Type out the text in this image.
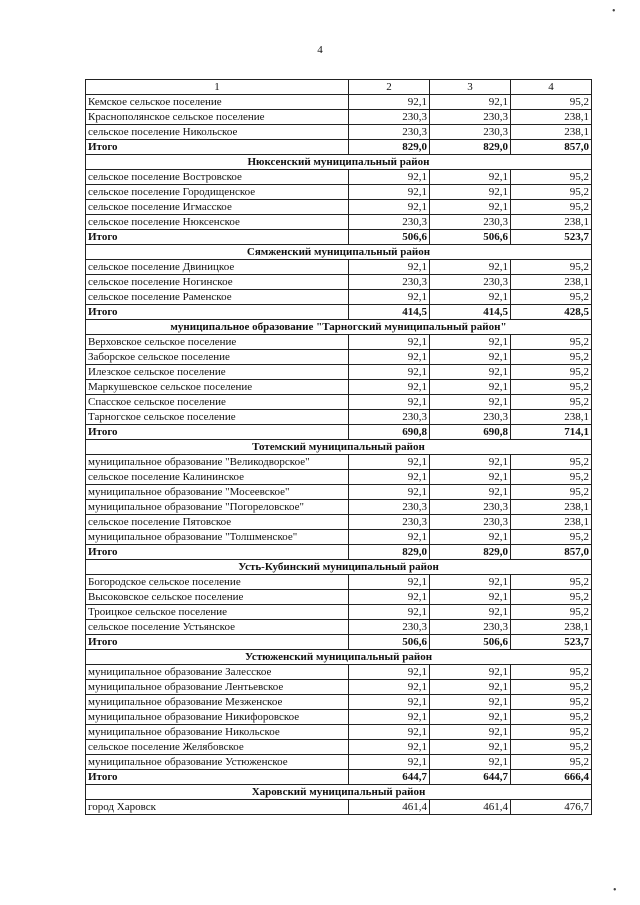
•
4
1	2	3	4
Кемское сельское поселение	92,1	92,1	95,2
Краснополянское сельское поселение	230,3	230,3	238,1
сельское поселение Никольское	230,3	230,3	238,1
Итого	829,0	829,0	857,0
Нюксенский муниципальный район			
сельское поселение Востровское	92,1	92,1	95,2
сельское поселение Городищенское	92,1	92,1	95,2
сельское поселение Игмасское	92,1	92,1	95,2
сельское поселение Нюксенское	230,3	230,3	238,1
Итого	506,6	506,6	523,7
Сямженский муниципальный район			
сельское поселение Двиницкое	92,1	92,1	95,2
сельское поселение Ногинское	230,3	230,3	238,1
сельское поселение Раменское	92,1	92,1	95,2
Итого	414,5	414,5	428,5
муниципальное образование "Тарногский муниципальный район"			
Верховское сельское поселение	92,1	92,1	95,2
Заборское сельское поселение	92,1	92,1	95,2
Илезское сельское поселение	92,1	92,1	95,2
Маркушевское сельское поселение	92,1	92,1	95,2
Спасское сельское поселение	92,1	92,1	95,2
Тарногское сельское поселение	230,3	230,3	238,1
Итого	690,8	690,8	714,1
Тотемский муниципальный район			
муниципальное образование "Великодворское"	92,1	92,1	95,2
сельское поселение Калининское	92,1	92,1	95,2
муниципальное образование "Мосеевское"	92,1	92,1	95,2
муниципальное образование "Погореловское"	230,3	230,3	238,1
сельское поселение Пятовское	230,3	230,3	238,1
муниципальное образование "Толшменское"	92,1	92,1	95,2
Итого	829,0	829,0	857,0
Усть-Кубинский муниципальный район			
Богородское сельское поселение	92,1	92,1	95,2
Высоковское сельское поселение	92,1	92,1	95,2
Троицкое сельское поселение	92,1	92,1	95,2
сельское поселение Устьянское	230,3	230,3	238,1
Итого	506,6	506,6	523,7
Устюженский муниципальный район			
муниципальное образование Залесское	92,1	92,1	95,2
муниципальное образование Лентьевское	92,1	92,1	95,2
муниципальное образование Мезженское	92,1	92,1	95,2
муниципальное образование Никифоровское	92,1	92,1	95,2
муниципальное образование Никольское	92,1	92,1	95,2
сельское поселение Желябовское	92,1	92,1	95,2
муниципальное образование Устюженское	92,1	92,1	95,2
Итого	644,7	644,7	666,4
Харовский муниципальный район			
город Харовск	461,4	461,4	476,7
•
